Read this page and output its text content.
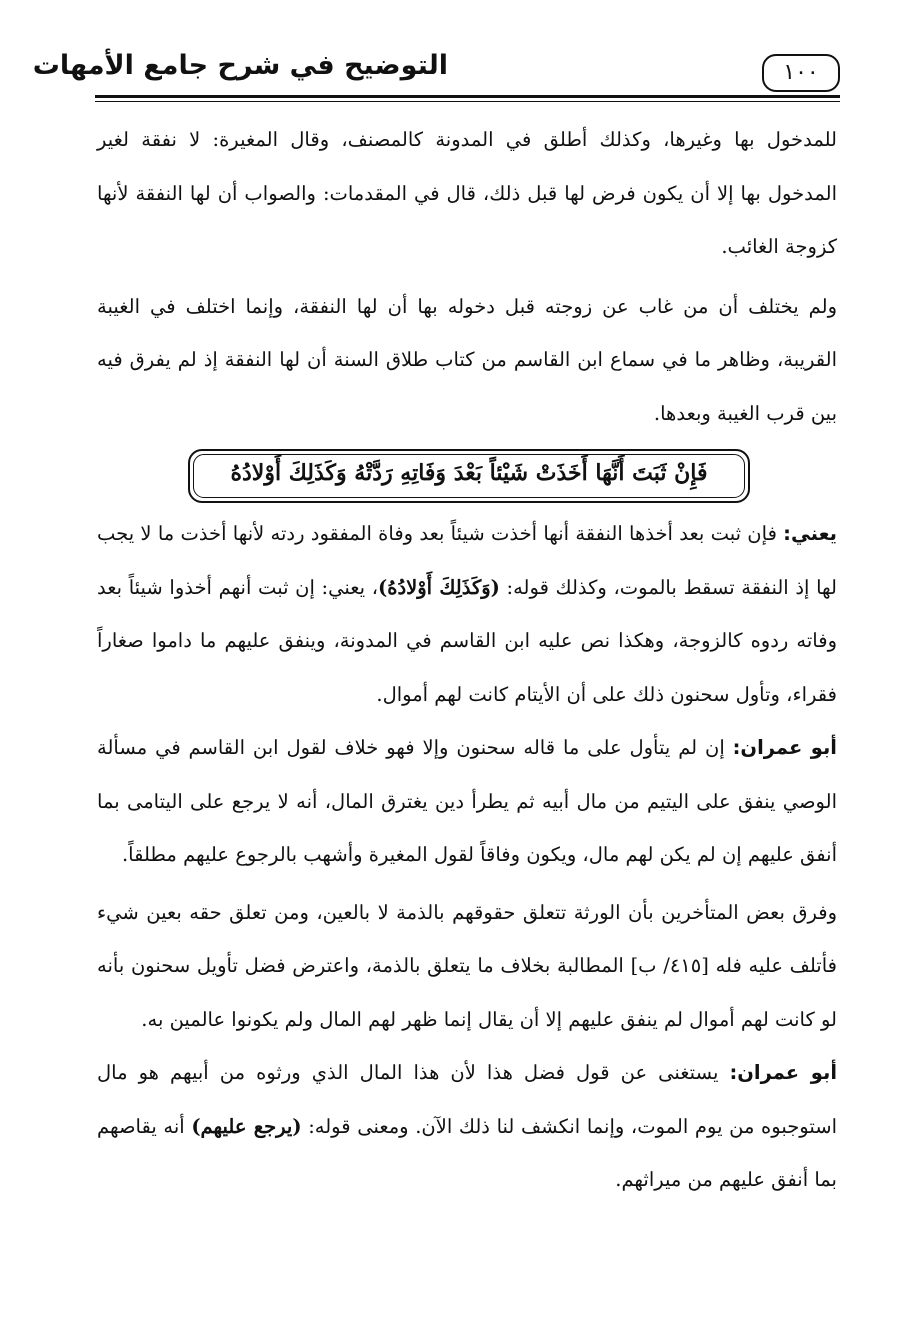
التوضيح في شرح جامع الأمهات	١٠٠

للمدخول بها وغيرها، وكذلك أطلق في المدونة كالمصنف، وقال المغيرة: لا نفقة لغير المدخول بها إلا أن يكون فرض لها قبل ذلك، قال في المقدمات: والصواب أن لها النفقة لأنها كزوجة الغائب.

ولم يختلف أن من غاب عن زوجته قبل دخوله بها أن لها النفقة، وإنما اختلف في الغيبة القريبة، وظاهر ما في سماع ابن القاسم من كتاب طلاق السنة أن لها النفقة إذ لم يفرق فيه بين قرب الغيبة وبعدها.

فَإِنْ ثَبَتَ أَنَّهَا أَخَذَتْ شَيْئاً بَعْدَ وَفَاتِهِ رَدَّتْهُ وَكَذَلِكَ أَوْلادُهُ

يعني: فإن ثبت بعد أخذها النفقة أنها أخذت شيئاً بعد وفاة المفقود ردته لأنها أخذت ما لا يجب لها إذ النفقة تسقط بالموت، وكذلك قوله: (وَكَذَلِكَ أَوْلادُهُ)، يعني: إن ثبت أنهم أخذوا شيئاً بعد وفاته ردوه كالزوجة، وهكذا نص عليه ابن القاسم في المدونة، وينفق عليهم ما داموا صغاراً فقراء، وتأول سحنون ذلك على أن الأيتام كانت لهم أموال.

أبو عمران: إن لم يتأول على ما قاله سحنون وإلا فهو خلاف لقول ابن القاسم في مسألة الوصي ينفق على اليتيم من مال أبيه ثم يطرأ دين يغترق المال، أنه لا يرجع على اليتامى بما أنفق عليهم إن لم يكن لهم مال، ويكون وفاقاً لقول المغيرة وأشهب بالرجوع عليهم مطلقاً.

وفرق بعض المتأخرين بأن الورثة تتعلق حقوقهم بالذمة لا بالعين، ومن تعلق حقه بعين شيء فأتلف عليه فله [٤١٥/ ب] المطالبة بخلاف ما يتعلق بالذمة، واعترض فضل تأويل سحنون بأنه لو كانت لهم أموال لم ينفق عليهم إلا أن يقال إنما ظهر لهم المال ولم يكونوا عالمين به.

أبو عمران: يستغنى عن قول فضل هذا لأن هذا المال الذي ورثوه من أبيهم هو مال استوجبوه من يوم الموت، وإنما انكشف لنا ذلك الآن. ومعنى قوله: (يرجع عليهم) أنه يقاصهم بما أنفق عليهم من ميراثهم.
